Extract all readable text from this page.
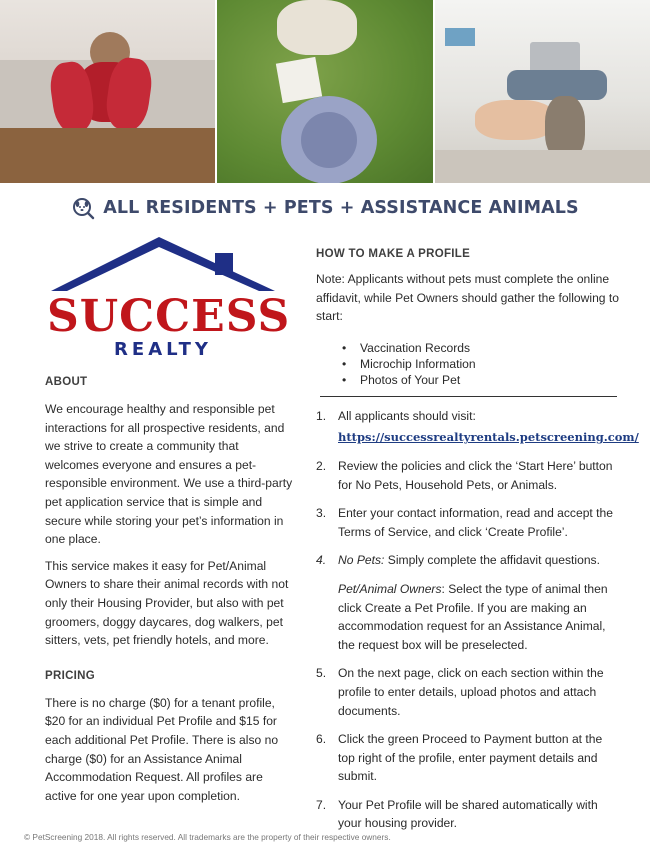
ALL RESIDENTS + PETS + ASSISTANCE ANIMALS
SUCCESS
REALTY
ABOUT

We encourage healthy and responsible pet interactions for all prospective residents, and we strive to create a community that welcomes everyone and ensures a pet-responsible environment. We use a third-party pet application service that is simple and secure while storing your pet’s information in one place.

This service makes it easy for Pet/Animal Owners to share their animal records with not only their Housing Provider, but also with pet groomers, doggy daycares, dog walkers, pet sitters, vets, pet friendly hotels, and more.

PRICING

There is no charge ($0) for a tenant profile, $20 for an individual Pet Profile and $15 for each additional Pet Profile. There is also no charge ($0) for an Assistance Animal Accommodation Request. All profiles are active for one year upon completion.

HOW TO MAKE A PROFILE

Note: Applicants without pets must complete the online affidavit, while Pet Owners should gather the following to start:

• Vaccination Records
• Microchip Information
• Photos of Your Pet
1. All applicants should visit:
https://successrealtyrentals.petscreening.com/
2. Review the policies and click the ‘Start Here’ button for No Pets, Household Pets, or Animals.
3. Enter your contact information, read and accept the Terms of Service, and click ‘Create Profile’.
4. No Pets: Simply complete the affidavit questions.
Pet/Animal Owners: Select the type of animal then click Create a Pet Profile. If you are making an accommodation request for an Assistance Animal, the request box will be preselected.
5. On the next page, click on each section within the profile to enter details, upload photos and attach documents.
6. Click the green Proceed to Payment button at the top right of the profile, enter payment details and submit.
7. Your Pet Profile will be shared automatically with your housing provider.
© PetScreening 2018. All rights reserved. All trademarks are the property of their respective owners.
